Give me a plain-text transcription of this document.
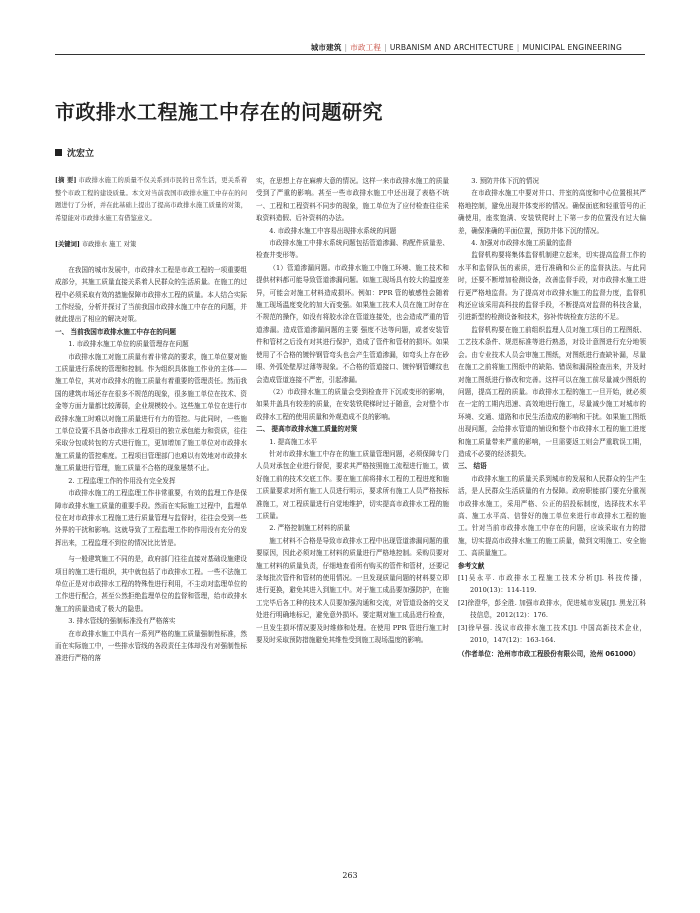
城市建筑 | 市政工程 | URBANISM AND ARCHITECTURE | MUNICIPAL ENGINEERING
市政排水工程施工中存在的问题研究
沈宏立

[摘 要] 市政排水施工的质量不仅关系到市民的日常生活，更关系着整个市政工程的建设质量。本文对当前我国市政排水施工中存在的问题进行了分析，并在此基础上提出了提高市政排水施工质量的对策，希望能对市政排水施工有借鉴意义。

[关键词] 市政排水 施工 对策

在我国的城市发展中，市政排水工程是市政工程的一项重要组成部分，其施工质量直接关系着人民群众的生活质量。在施工的过程中必须采取有效的措施保障市政排水工程的质量。本人结合实际工作经验，分析并探讨了当前我国市政排水施工中存在的问题，并就此提出了相应的解决对策。

一、 当前我国市政排水施工中存在的问题

1. 市政排水施工单位的质量管理存在问题

市政排水施工对施工质量有着非常高的要求，施工单位要对施工质量进行系统的管理和控制。作为组织具体施工作业的主体——施工单位，其对市政排水的施工质量有着重要的管理责任。然而我国的建筑市场还存在很多不规范的现象，很多施工单位在技术、资金等方面力量都比较薄弱，企业规模较小。这些施工单位在进行市政排水施工时难以对施工质量进行有力的管控。与此同时，一些施工单位设置不具备市政排水工程项目的独立承包能力和资质，往往采取分包或转包的方式进行施工，更加增加了施工单位对市政排水施工质量的管控难度。工程项目管理部门也难以有效地对市政排水施工质量进行管理，施工质量不合格的现象屡禁不止。

2. 工程监理工作的作用没有完全发挥

市政排水施工的工程监理工作非常重要，有效的监理工作是保障市政排水施工质量的重要手段。然而在实际施工过程中，监理单位在对市政排水工程施工进行质量管理与监督时，往往会受到一些外界的干扰和影响。这就导致了工程监理工作的作用没有充分的发挥出来，工程监理不到位的情况比比皆是。

与一般建筑施工不同的是，政府部门往往直接对基础设施建设项目的施工进行组织，其中就包括了市政排水工程。一些不法施工单位正是对市政排水工程的特殊性进行利用，不主动对监理单位的工作进行配合，甚至公然拒绝监理单位的监督和管理，给市政排水施工的质量造成了极大的隐患。

3. 排水管线的强制标准没有严格落实

在市政排水施工中具有一系列严格的施工质量强制性标准，然而在实际施工中，一些排水管线的各段责任主体却没有对强制性标准进行严格的落

实，在思想上存在麻痹大意的情况。这样一来市政排水施工的质量受到了严重的影响。甚至一些市政排水施工中还出现了表格不统一、工程和工程资料不同步的现象，施工单位为了应付检查往往采取资料造假、后补资料的办法。

4. 市政排水施工中容易出现排水系统的问题

市政排水施工中排水系统问题包括管道渗漏、构配件质量差、检查井变形等。

（1）管道渗漏问题。市政排水施工中施工环境、施工技术和提供材料都可能导致管道渗漏问题。如施工现场具有较大的温度差异，可能会对施工材料造成损坏。例如：PPR 管的敏感性会随着施工现场温度变化的加大而变强。如果施工技术人员在施工时存在不规范的操作，如没有将胶水涂在管道连接处，也会造成严重的管道渗漏。造成管道渗漏问题的主要 强度不达等问题，或者安装管件和管材之后没有对其进行保护，造成了管件和管材的损坏。如果使用了不合格的镀锌钢管弯头也会产生管道渗漏，如弯头上存在砂眼、外弧处壁厚过薄等现象。不合格的管道接口、镀锌钢管螺纹也会造成管道连接不严密，引起渗漏。

（2）市政排水施工的质量会受到检查井下沉或变形的影响，如果井盖具有较差的质量，在安装铁爬梯时过于随意，会对整个市政排水工程的使用质量和外观造成不良的影响。

二、 提高市政排水施工质量的对策

1. 提高施工水平

针对市政排水施工中存在的施工质量管理问题，必须保障专门人员对承包企业进行督促，要求其严格按照施工流程进行施工，做好施工前的技术交底工作。要在施工前将排水工程的工程进度和施工质量要求对所有施工人员进行明示，要求所有施工人员严格按标准施工，对工程质量进行自觉地维护，切实提高市政排水工程的施工质量。

2. 严格控制施工材料的质量

施工材料不合格是导致市政排水工程中出现管道渗漏问题的重要原因，因此必须对施工材料的质量进行严格地控制。采购员要对施工材料的质量负责，仔细地查看所有购买的管件和管材，还要记录每批次管件和管材的使用情况。一旦发现质量问题的材料要立即进行更换，避免其进入到施工中。对于施工成品要加强防护，在施工完毕后各工种的技术人员要加强沟通和交流，对管道设备的交叉处进行明确地标记，避免意外损坏。要定期对施工成品进行检查，一旦发生损坏情况要及时维修和处理。在使用 PPR 管进行施工时要及时采取预防措施避免其维性受到施工现场温度的影响。

3. 预防井体下沉的情况

在市政排水施工中要对井口、井室的高度和中心位置根其严格地控制，避免出现井体变形的情况。确保面底和轻重管号的正确使用，座浆饱满、安装铁爬时上下第一步的位置没有过大偏差，确保准确的平面位置，预防井体下沉的情况。

4. 加强对市政排水施工质量的监督

监督机构要将集体监督机制建立起来，切实提高监督工作的水平和监督队伍的素质，进行准确和公正的监督执法。与此同时，还要不断增加检测设备，改善监督手段，对市政排水施工进行更严格地监督。为了提高对市政排水施工的监督力度，监督机构还应该采用高科技的监督手段，不断提高对监督的科技含量，引进新型的检测设备和技术，弥补传统检查方法的不足。

监督机构要在施工前组织监理人员对施工项目的工程图纸、工艺技术条件、规范标准等进行熟悉，对设计意图进行充分地领会。由专业技术人员会审施工图纸，对图纸进行查缺补漏，尽量在施工之前将施工图纸中的缺陷、错误和漏洞检查出来，并及时对施工图纸进行修改和完善。这样可以在施工前尽量减少图纸的问题，提高工程的质量。市政排水工程的施工一旦开始，就必须在一定的工期内迅速、高效地进行施工，尽量减少施工对城市的环境、交通、道路和市民生活造成的影响和干扰。如果施工图纸出现问题，会给排水管道的铺设和整个市政排水工程的施工进度和施工质量带来严重的影响，一旦需要返工则会严重耽误工期，造成不必要的经济损失。

三、 结语

市政排水施工的质量关系到城市的发展和人民群众的生产生活，是人民群众生活质量的有力保障。政府职能部门要充分重视市政排水施工，采用严格、公正的招投标制度，选择技术水平高、施工水平高、信誉好的施工单位来进行市政排水工程的施工。针对当前市政排水施工中存在的问题，应该采取有力的措施，切实提高市政排水施工的施工质量，做到文明施工、安全施工、高质量施工。

参考文献

[1]吴永平. 市政排水工程施工技术分析[J]. 科技传播，2010(13)：114-119.

[2]徐澄华，彭全胜. 加强市政排水，促进城市发展[J]. 黑龙江科技信息，2012(12)：176.

[3]徐早强. 浅议市政排水施工技术[J]. 中国高新技术企业，2010，147(12)：163-164.

（作者单位：沧州市市政工程股份有限公司，沧州 061000）

263
